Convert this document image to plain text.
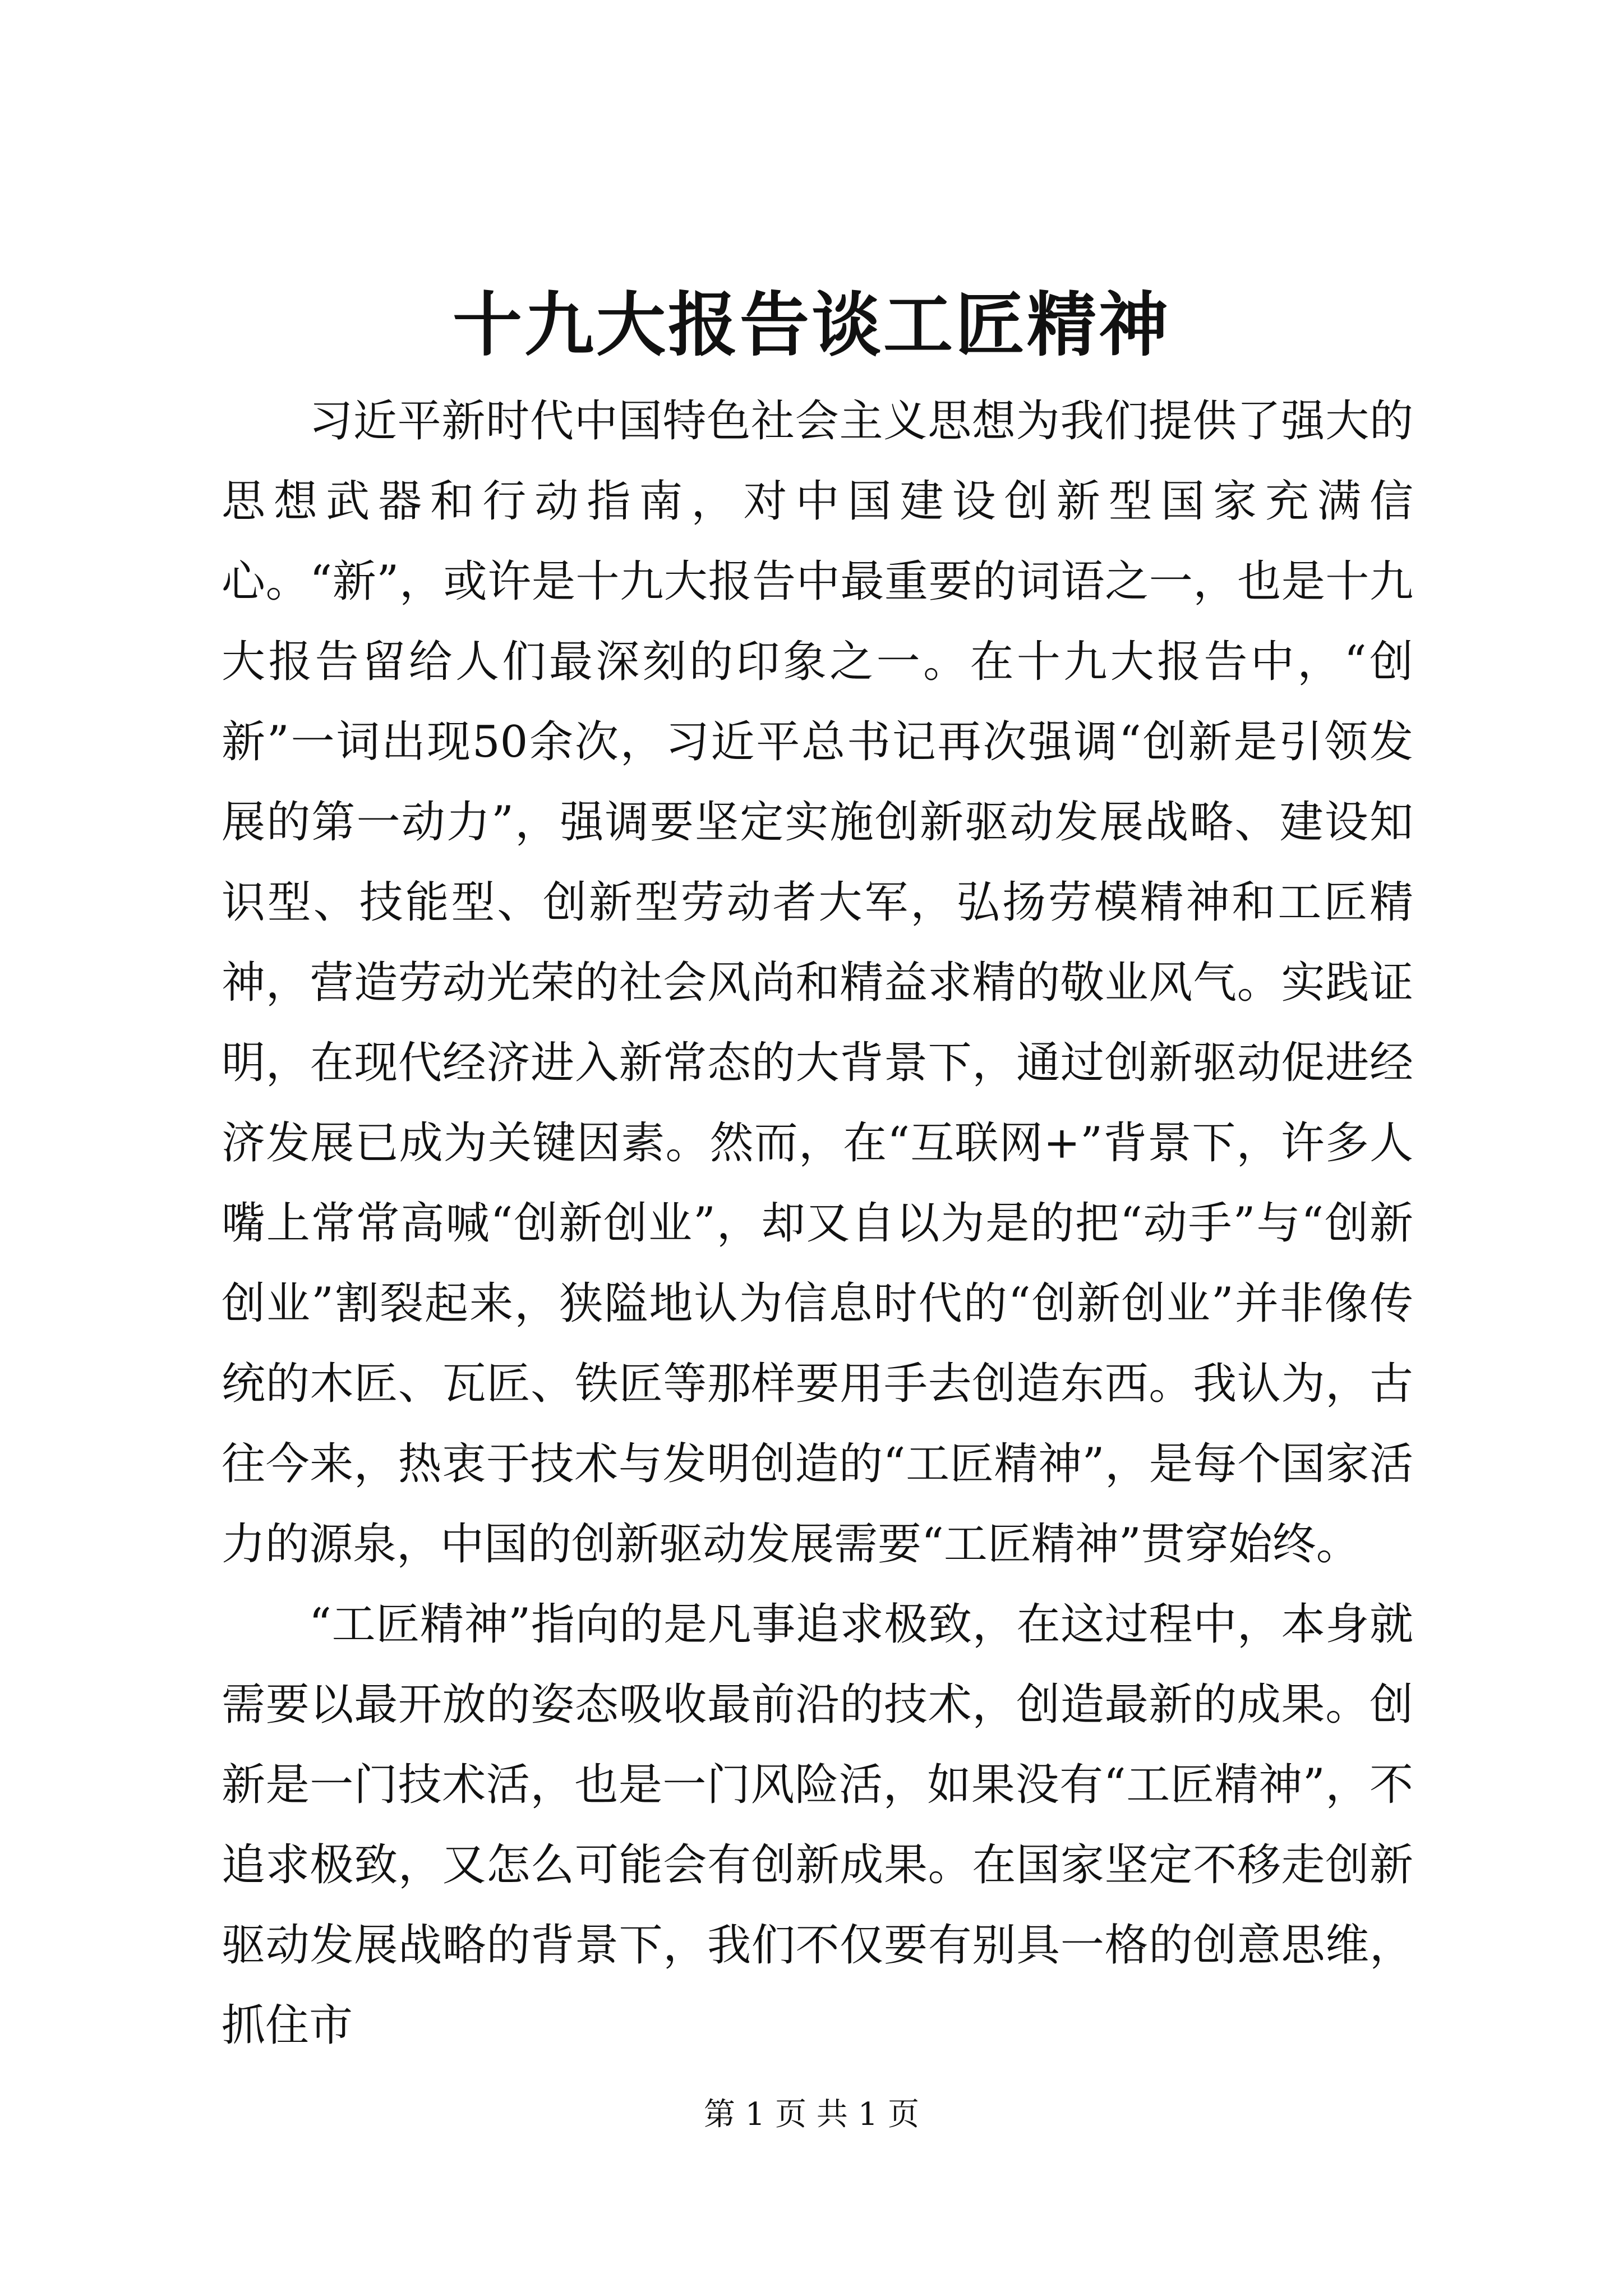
十九大报告谈工匠精神

习近平新时代中国特色社会主义思想为我们提供了强大的思想武器和行动指南，对中国建设创新型国家充满信心。“新”，或许是十九大报告中最重要的词语之一，也是十九大报告留给人们最深刻的印象之一。在十九大报告中，“创新”一词出现50余次，习近平总书记再次强调“创新是引领发展的第一动力”，强调要坚定实施创新驱动发展战略、建设知识型、技能型、创新型劳动者大军，弘扬劳模精神和工匠精神，营造劳动光荣的社会风尚和精益求精的敬业风气。实践证明，在现代经济进入新常态的大背景下，通过创新驱动促进经济发展已成为关键因素。然而，在“互联网+”背景下，许多人嘴上常常高喊“创新创业”，却又自以为是的把“动手”与“创新创业”割裂起来，狭隘地认为信息时代的“创新创业”并非像传统的木匠、瓦匠、铁匠等那样要用手去创造东西。我认为，古往今来，热衷于技术与发明创造的“工匠精神”，是每个国家活力的源泉，中国的创新驱动发展需要“工匠精神”贯穿始终。

“工匠精神”指向的是凡事追求极致，在这过程中，本身就需要以最开放的姿态吸收最前沿的技术，创造最新的成果。创新是一门技术活，也是一门风险活，如果没有“工匠精神”，不追求极致，又怎么可能会有创新成果。在国家坚定不移走创新驱动发展战略的背景下，我们不仅要有别具一格的创意思维，抓住市

第 1 页 共 1 页
